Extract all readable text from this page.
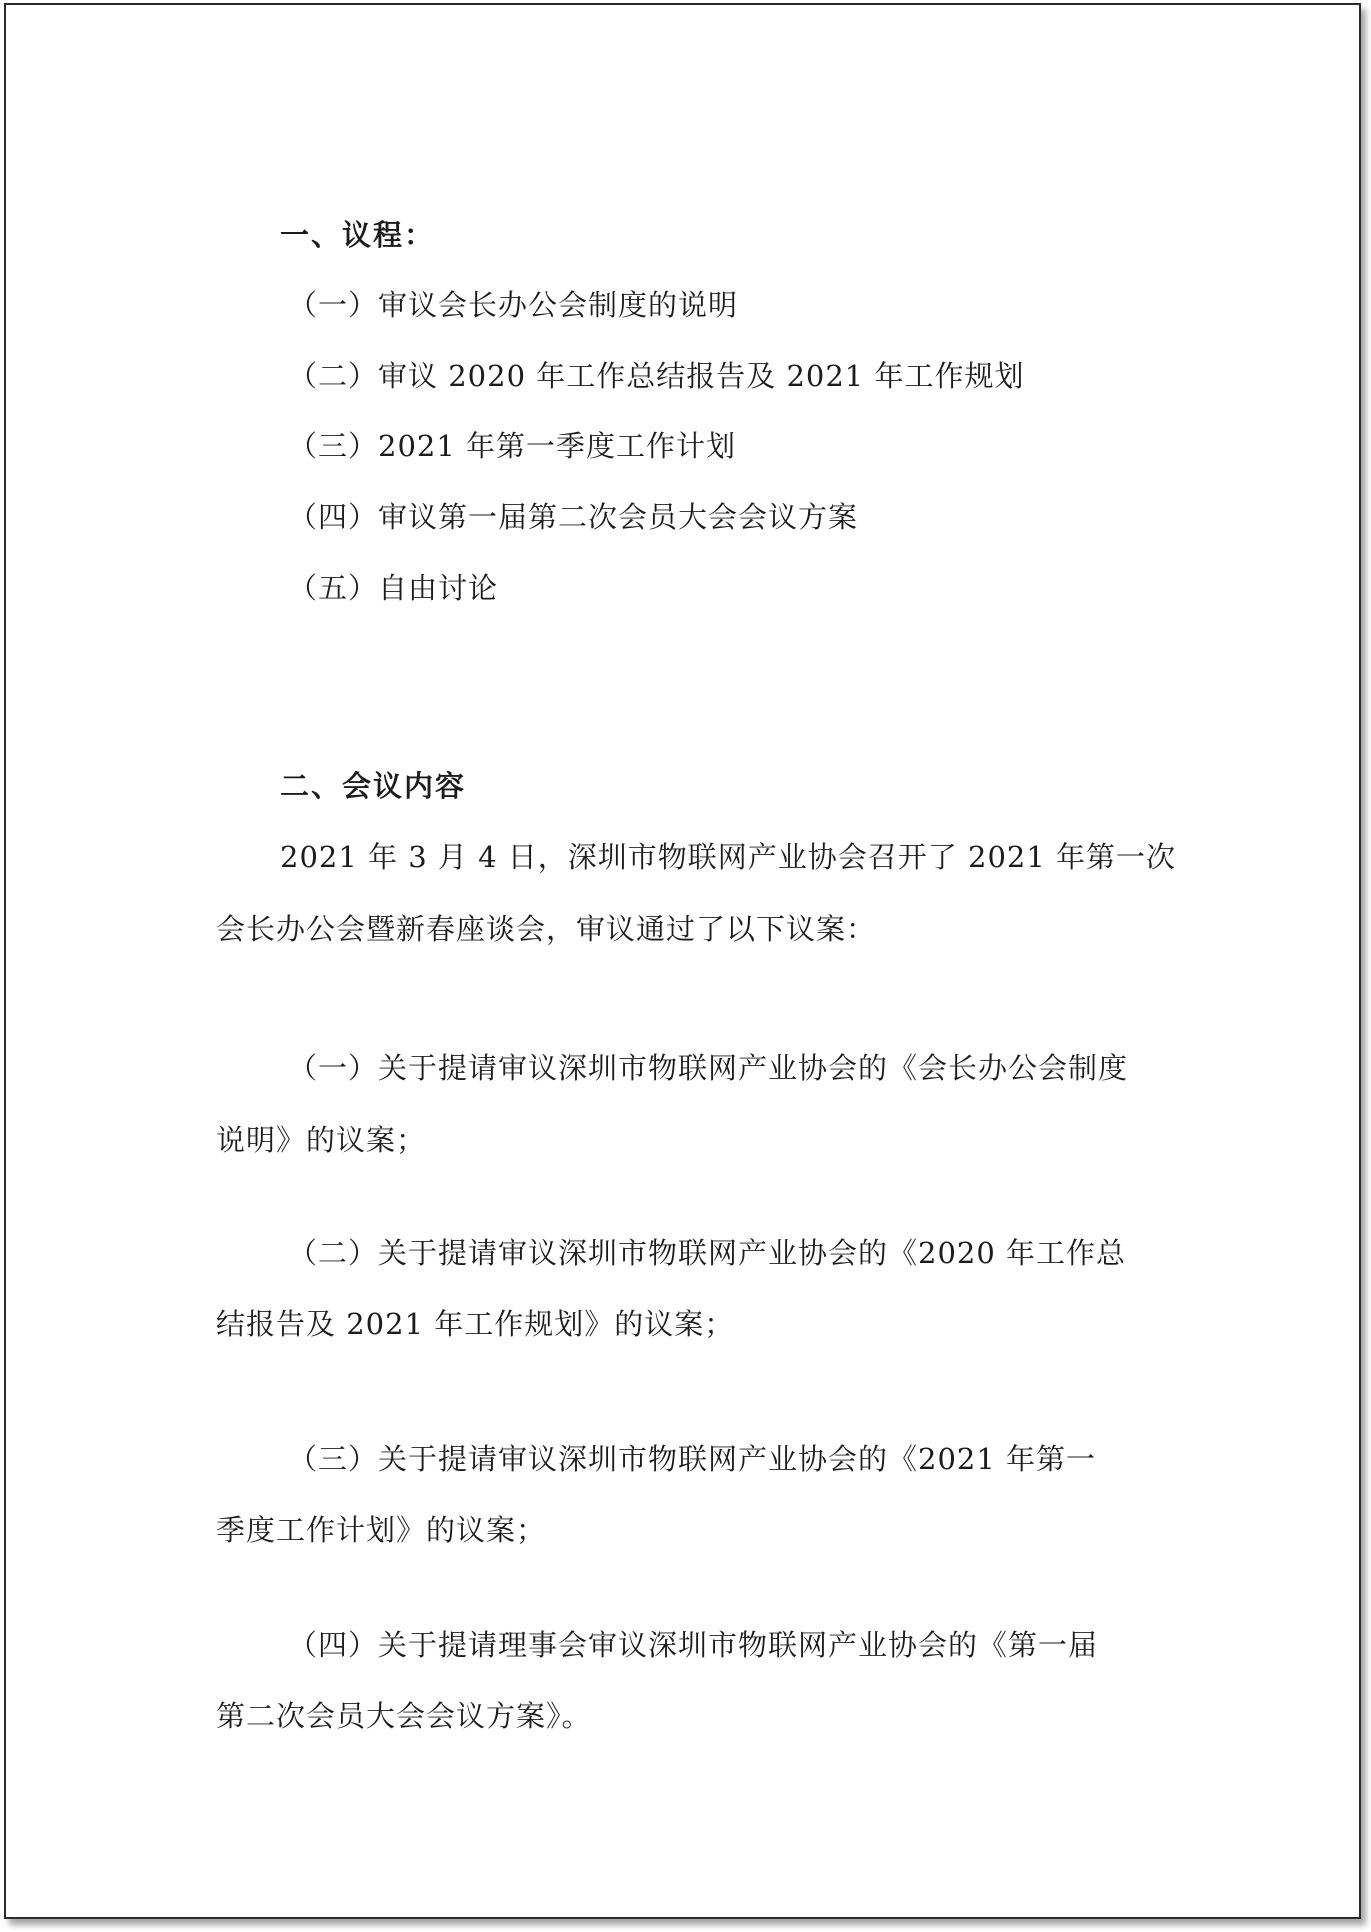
一、议程：
（一）审议会长办公会制度的说明
（二）审议 2020 年工作总结报告及 2021 年工作规划
（三）2021 年第一季度工作计划
（四）审议第一届第二次会员大会会议方案
（五）自由讨论
二、会议内容
2021 年 3 月 4 日，深圳市物联网产业协会召开了 2021 年第一次
会长办公会暨新春座谈会，审议通过了以下议案：
（一）关于提请审议深圳市物联网产业协会的《会长办公会制度
说明》的议案；
（二）关于提请审议深圳市物联网产业协会的《2020 年工作总
结报告及 2021 年工作规划》的议案；
（三）关于提请审议深圳市物联网产业协会的《2021 年第一
季度工作计划》的议案；
（四）关于提请理事会审议深圳市物联网产业协会的《第一届
第二次会员大会会议方案》。
